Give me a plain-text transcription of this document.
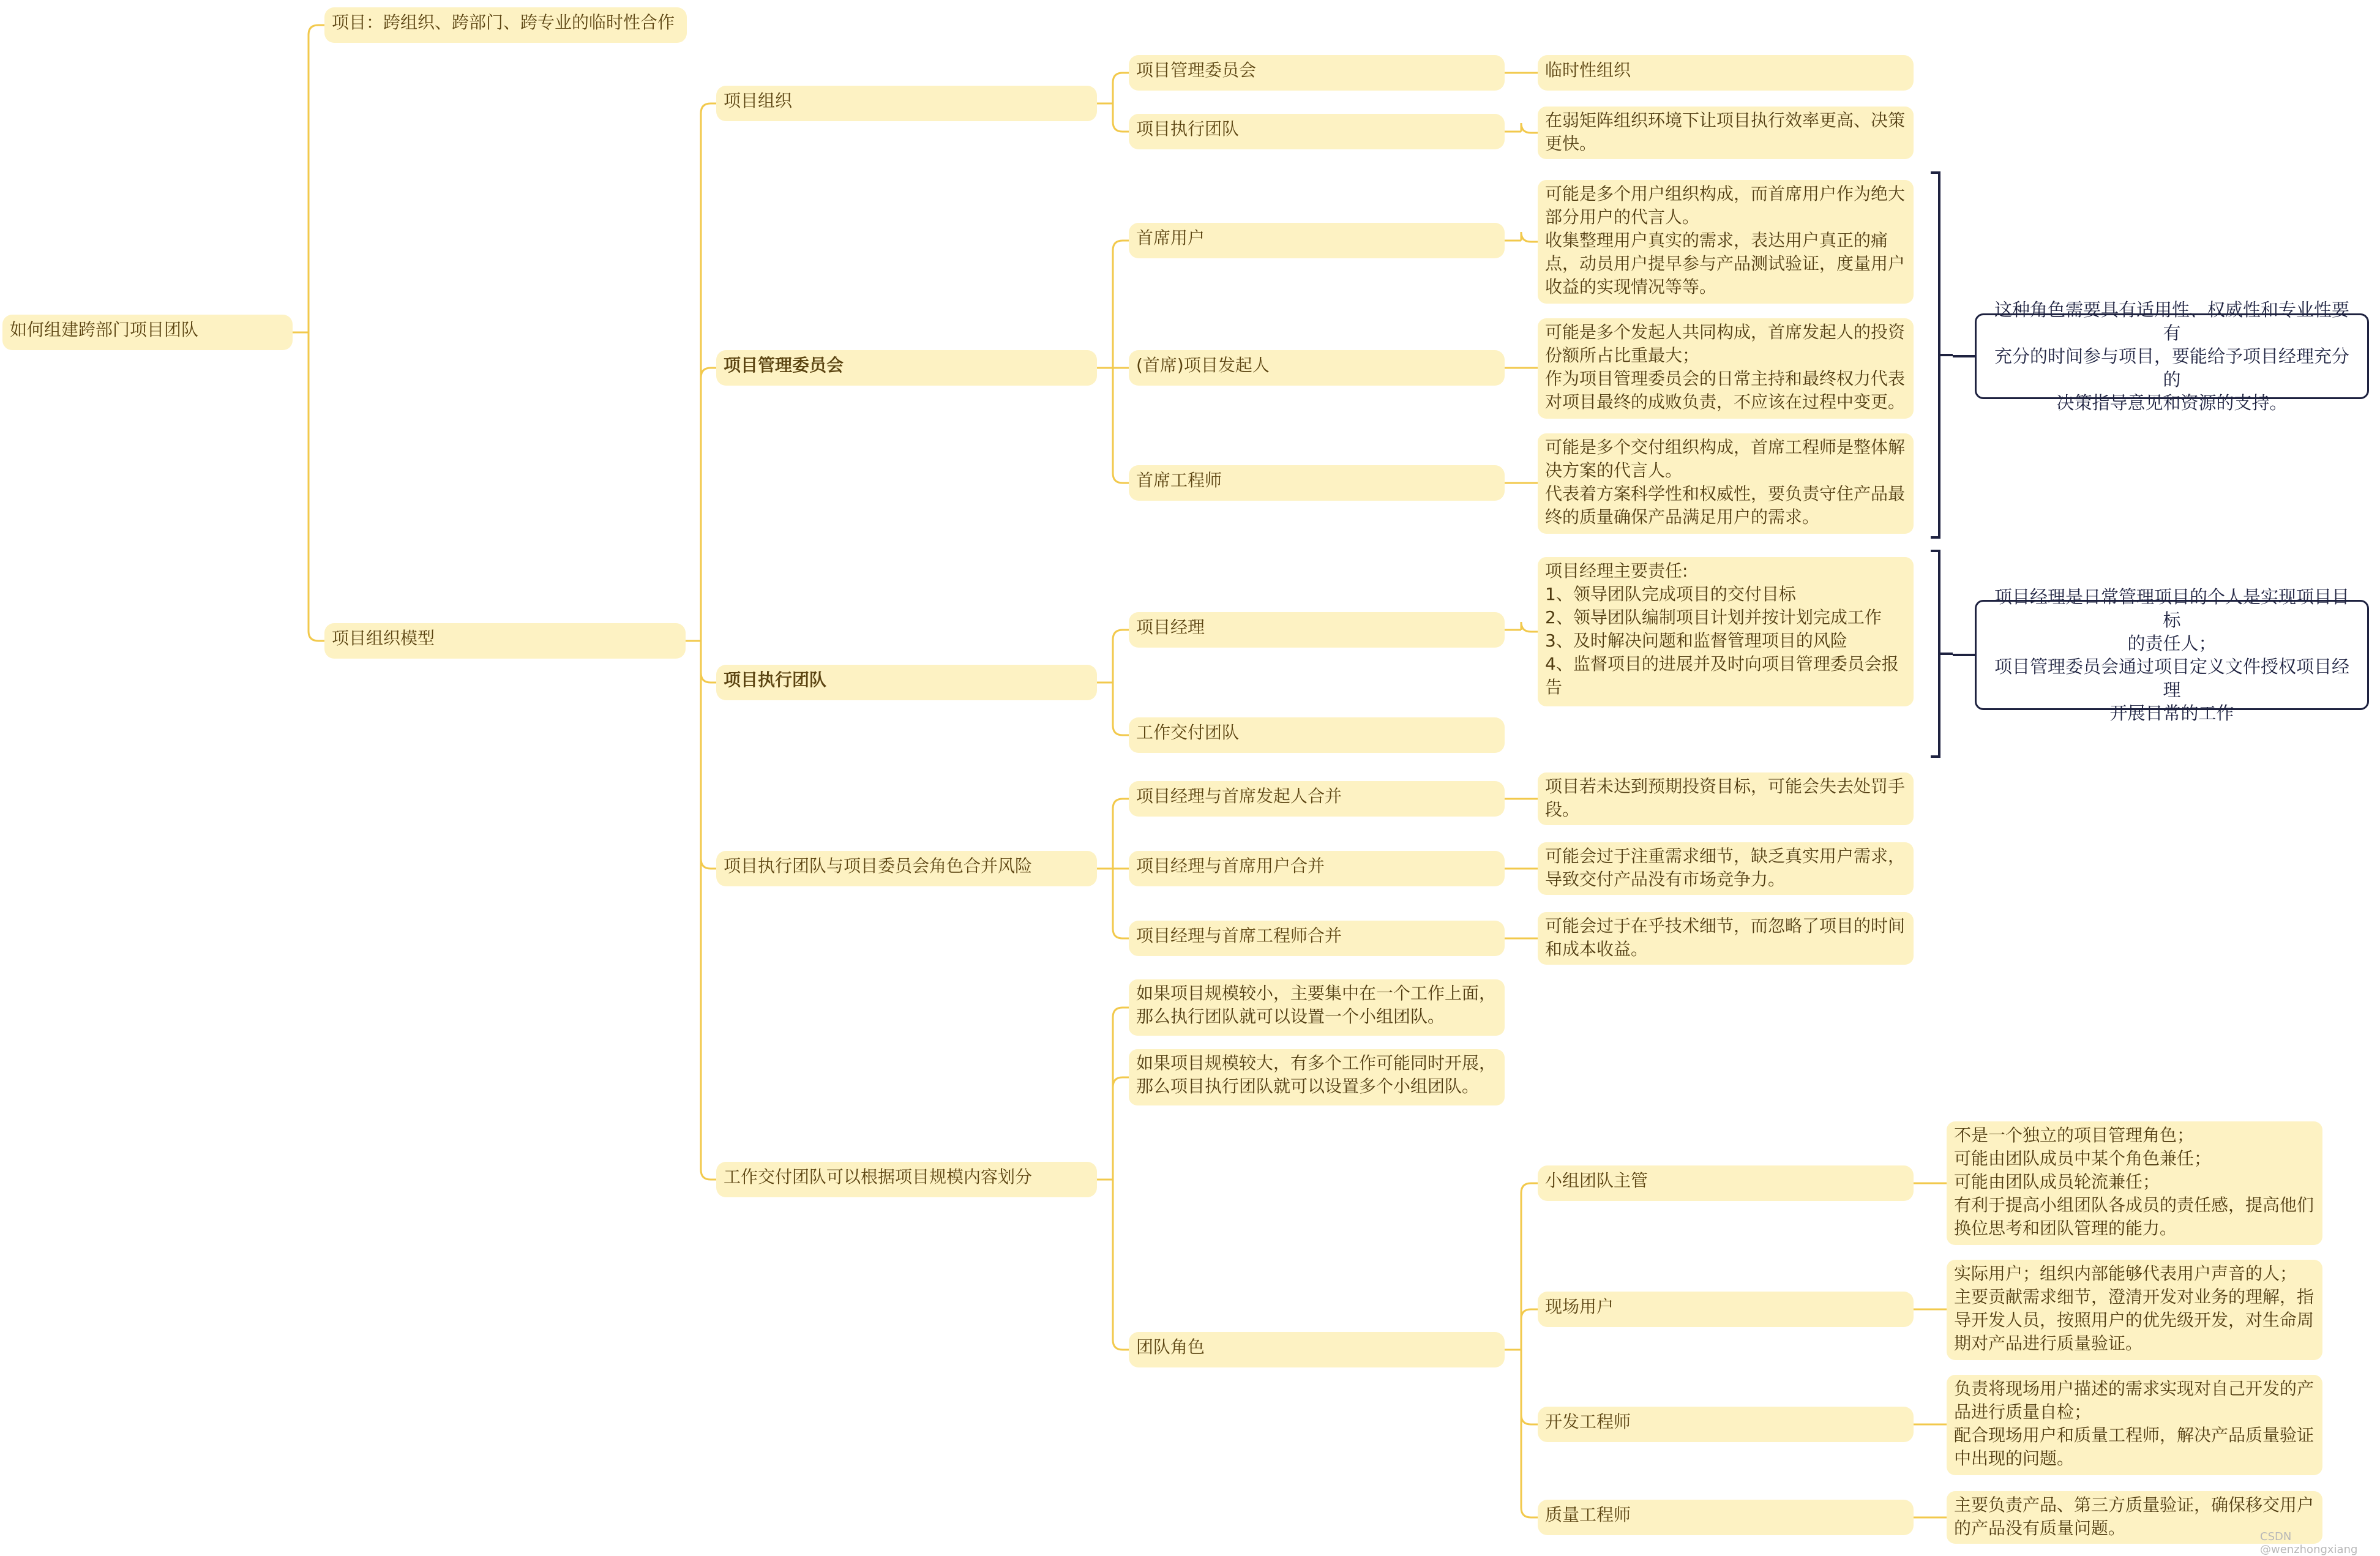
如何组建跨部门项目团队
项目：跨组织、跨部门、跨专业的临时性合作
项目组织模型
项目组织
项目管理委员会
项目执行团队
项目执行团队与项目委员会角色合并风险
工作交付团队可以根据项目规模内容划分
项目管理委员会
项目执行团队
首席用户
(首席)项目发起人
首席工程师
项目经理
工作交付团队
项目经理与首席发起人合并
项目经理与首席用户合并
项目经理与首席工程师合并
如果项目规模较小，主要集中在一个工作上面，
那么执行团队就可以设置一个小组团队。
如果项目规模较大，有多个工作可能同时开展，
那么项目执行团队就可以设置多个小组团队。
团队角色
临时性组织
在弱矩阵组织环境下让项目执行效率更高、决策
更快。
可能是多个用户组织构成，而首席用户作为绝大
部分用户的代言人。
收集整理用户真实的需求，表达用户真正的痛
点，动员用户提早参与产品测试验证，度量用户
收益的实现情况等等。
可能是多个发起人共同构成，首席发起人的投资
份额所占比重最大；
作为项目管理委员会的日常主持和最终权力代表
对项目最终的成败负责，不应该在过程中变更。
可能是多个交付组织构成，首席工程师是整体解
决方案的代言人。
代表着方案科学性和权威性，要负责守住产品最
终的质量确保产品满足用户的需求。
项目经理主要责任:
1、领导团队完成项目的交付目标
2、领导团队编制项目计划并按计划完成工作
3、及时解决问题和监督管理项目的风险
4、监督项目的进展并及时向项目管理委员会报
告
项目若未达到预期投资目标，可能会失去处罚手
段。
可能会过于注重需求细节，缺乏真实用户需求，
导致交付产品没有市场竞争力。
可能会过于在乎技术细节，而忽略了项目的时间
和成本收益。
小组团队主管
现场用户
开发工程师
质量工程师
不是一个独立的项目管理角色；
可能由团队成员中某个角色兼任；
可能由团队成员轮流兼任；
有利于提高小组团队各成员的责任感，提高他们
换位思考和团队管理的能力。
实际用户；组织内部能够代表用户声音的人；
主要贡献需求细节，澄清开发对业务的理解，指
导开发人员，按照用户的优先级开发，对生命周
期对产品进行质量验证。
负责将现场用户描述的需求实现对自己开发的产
品进行质量自检；
配合现场用户和质量工程师，解决产品质量验证
中出现的问题。
主要负责产品、第三方质量验证，确保移交用户
的产品没有质量问题。
这种角色需要具有适用性、权威性和专业性要有
充分的时间参与项目，要能给予项目经理充分的
决策指导意见和资源的支持。
项目经理是日常管理项目的个人是实现项目目标
的责任人；
项目管理委员会通过项目定义文件授权项目经理
开展日常的工作
CSDN @wenzhongxiang
